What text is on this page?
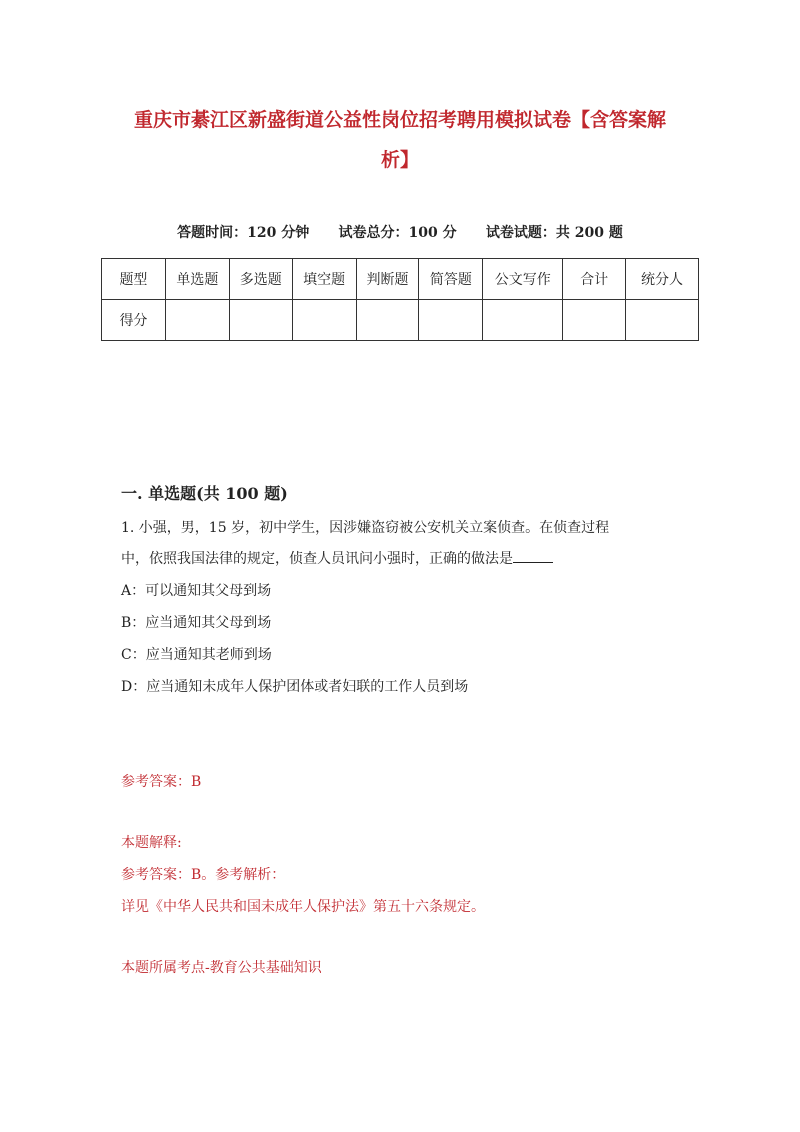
重庆市綦江区新盛街道公益性岗位招考聘用模拟试卷【含答案解
析】
答题时间：120 分钟      试卷总分：100 分      试卷试题：共 200 题
题型	单选题	多选题	填空题	判断题	简答题	公文写作	合计	统分人
得分								
一. 单选题(共 100 题)
1. 小强，男，15 岁，初中学生，因涉嫌盗窃被公安机关立案侦查。在侦查过程
中，依照我国法律的规定，侦查人员讯问小强时，正确的做法是
A：可以通知其父母到场
B：应当通知其父母到场
C：应当通知其老师到场
D：应当通知未成年人保护团体或者妇联的工作人员到场
参考答案：B
本题解释:
参考答案：B。参考解析：
详见《中华人民共和国未成年人保护法》第五十六条规定。
本题所属考点-教育公共基础知识
